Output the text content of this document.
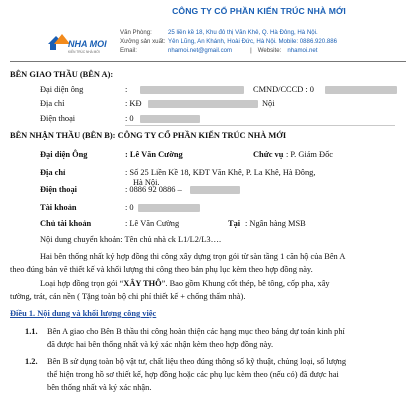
NHA MOI
KIẾN TRÚC NHÀ MỚI
CÔNG TY CỔ PHẦN KIẾN TRÚC NHÀ MỚI
Văn Phòng:	25 liền kề 18, Khu đô thị Văn Khê, Q. Hà Đông, Hà Nội.
Xưởng sản xuất: Yên Lũng, An Khánh, Hoài Đức, Hà Nội. Mobile: 0886.920.886
Email:	nhamoi.net@gmail.com	| Website: nhamoi.net
BÊN GIAO THẦU (BÊN A):
Đại diện ông	:	CMND/CCCD : 0
Địa chỉ	: KĐ	Nội
Điện thoại	: 0
BÊN NHẬN THẦU (BÊN B): CÔNG TY CỔ PHẦN KIẾN TRÚC NHÀ MỚI
Đại diện Ông	: Lê Văn Cường	Chức vụ : P. Giám Đốc
Địa chỉ	: Số 25 Liền Kề 18, KĐT Văn Khê, P. La Khê, Hà Đông,
Hà Nội.
Điện thoại	: 0886 92 0886 –
Tài khoản	: 0
Chủ tài khoản	: Lê Văn Cường	Tại : Ngân hàng MSB
Nội dung chuyển khoản: Tên chủ nhà ck L1/L2/L3….
Hai bên thống nhất ký hợp đồng thi công xây dựng trọn gói từ sàn tầng 1 căn hộ của Bên A
theo đúng bản vẽ thiết kế và khối lượng thi công theo bản phụ lục kèm theo hợp đồng này.
Loại hợp đồng trọn gói “XÂY THÔ”. Bao gồm Khung cốt thép, bê tông, cốp pha, xây
tường, trát, cán nền ( Tặng toàn bộ chi phí thiết kế + chống thấm nhà).
Điều 1. Nội dung và khối lượng công việc
1.1. Bên A giao cho Bên B thầu thi công hoàn thiện các hạng mục theo bảng dự toán kinh phí
đã được hai bên thống nhất và ký xác nhận kèm theo hợp đồng này.
1.2. Bên B sử dụng toàn bộ vật tư, chất liệu theo đúng thông số kỹ thuật, chủng loại, số lượng
thể hiện trong hồ sơ thiết kế, hợp đồng hoặc các phụ lục kèm theo (nếu có) đã được hai
bên thống nhất và ký xác nhận.
